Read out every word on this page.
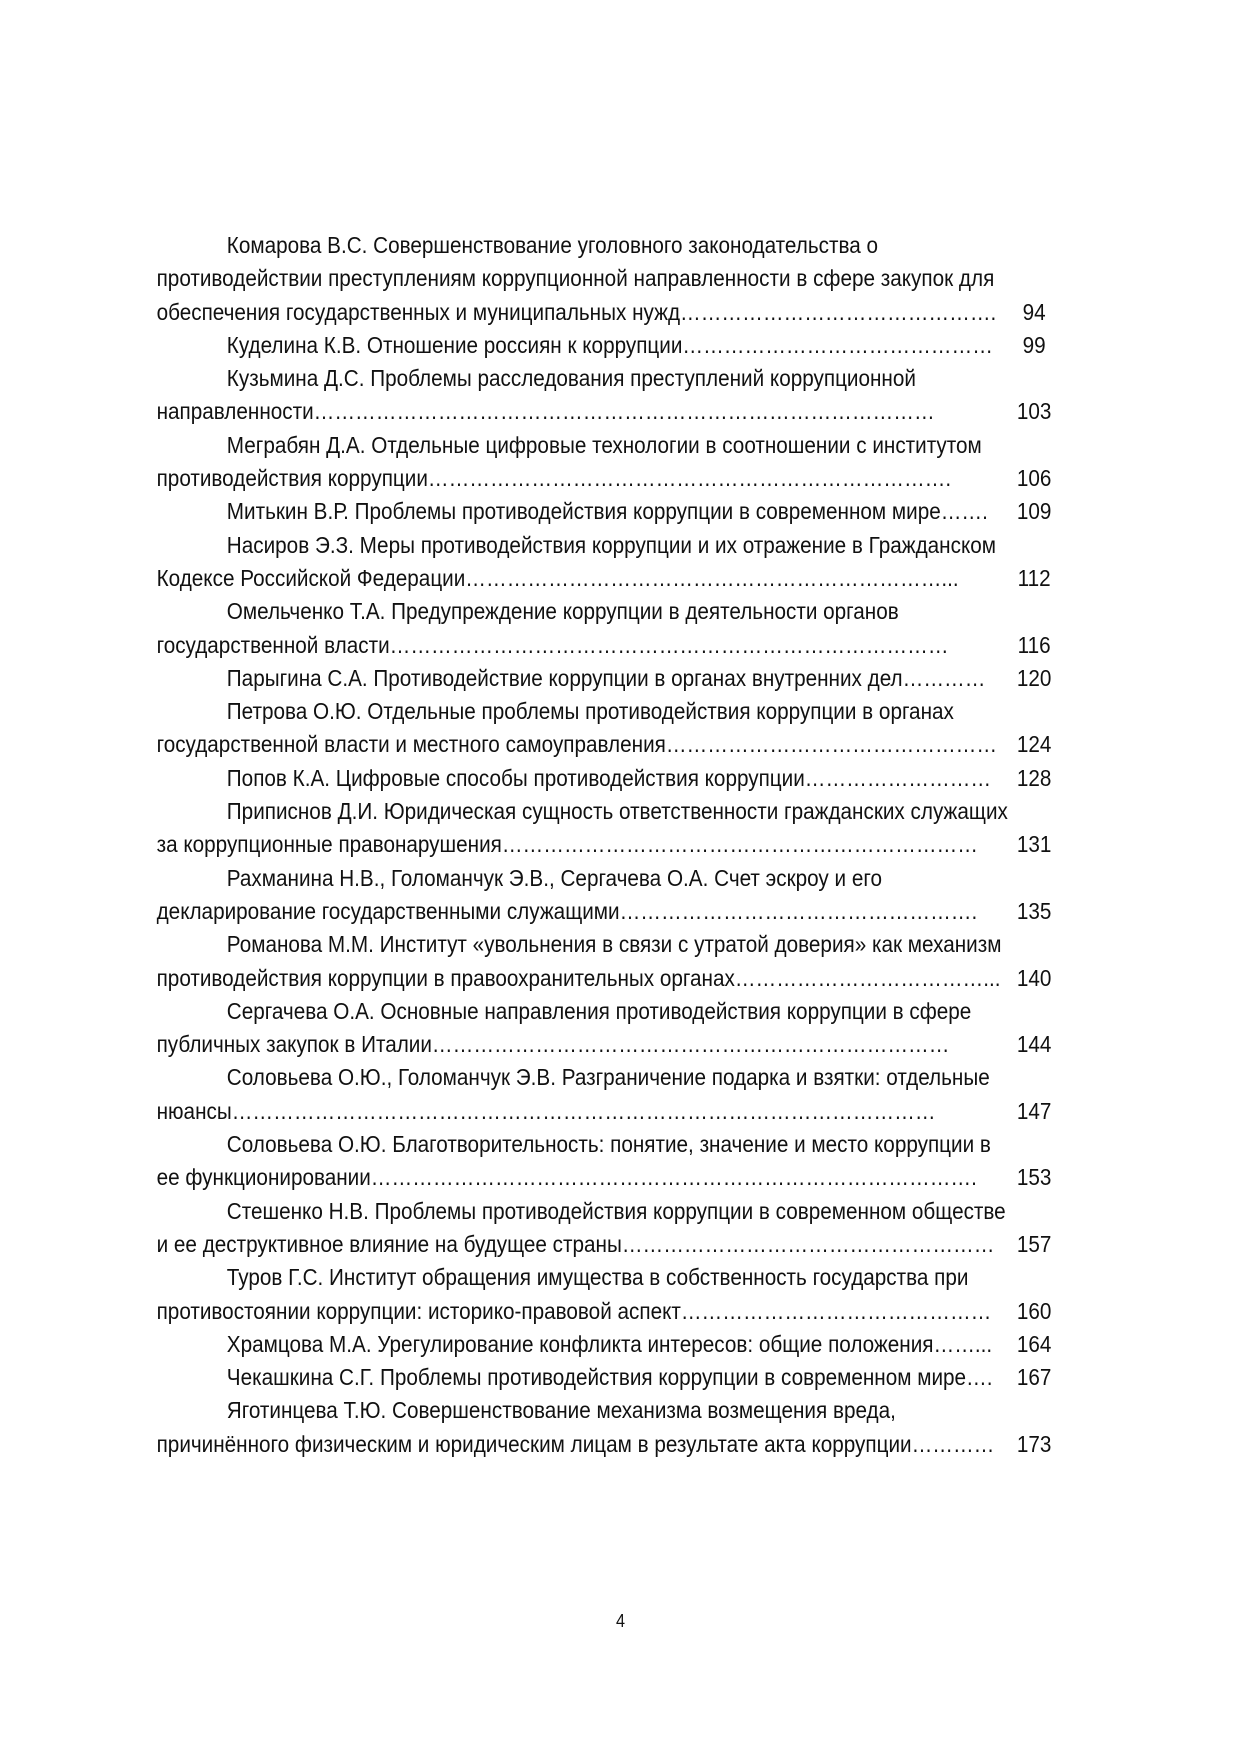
Комарова В.С. Совершенствование уголовного законодательства о
противодействии преступлениям коррупционной направленности в сфере закупок для
обеспечения государственных и муниципальных нужд……………………………………….	94
Куделина К.В. Отношение россиян к коррупции………………………………………	99
Кузьмина Д.С. Проблемы расследования преступлений коррупционной
направленности………………………………………………………………………………	103
Меграбян Д.А. Отдельные цифровые технологии в соотношении с институтом
противодействия коррупции………………………………………………………………….	106
Митькин В.Р. Проблемы противодействия коррупции в современном мире…….	109
Насиров Э.З. Меры противодействия коррупции и их отражение в Гражданском
Кодексе Российской Федерации……………………………………………………………...	112
Омельченко Т.А. Предупреждение коррупции в деятельности органов
государственной власти………………………………………………………………………	116
Парыгина С.А. Противодействие коррупции в органах внутренних дел…………	120
Петрова О.Ю. Отдельные проблемы противодействия коррупции в органах
государственной власти и местного самоуправления………………………………………… 124
Попов К.А. Цифровые способы противодействия коррупции………………………	128
Приписнов Д.И. Юридическая сущность ответственности гражданских служащих
за коррупционные правонарушения……………………………………………………………	131
Рахманина Н.В., Голоманчук Э.В., Сергачева О.А. Счет эскроу и его
декларирование государственными служащими…………………………………………….	135
Романова М.М. Институт «увольнения в связи с утратой доверия» как механизм
противодействия коррупции в правоохранительных органах………………………………... 140
Сергачева О.А. Основные направления противодействия коррупции в сфере
публичных закупок в Италии…………………………………………………………………	144
Соловьева О.Ю., Голоманчук Э.В. Разграничение подарка и взятки: отдельные
нюансы…………………………………………………………………………………………	147
Соловьева О.Ю. Благотворительность: понятие, значение и место коррупции в
ее функционировании…………………………………………………………………………….	153
Стешенко Н.В. Проблемы противодействия коррупции в современном обществе
и ее деструктивное влияние на будущее страны……………………………………………… 157
Туров Г.С. Институт обращения имущества в собственность государства при
противостоянии коррупции: историко-правовой аспект………………………………………	160
Храмцова М.А. Урегулирование конфликта интересов: общие положения……...	164
Чекашкина С.Г. Проблемы противодействия коррупции в современном мире….	167
Яготинцева Т.Ю. Совершенствование механизма возмещения вреда,
причинённого физическим и юридическим лицам в результате акта коррупции………… 173
4
